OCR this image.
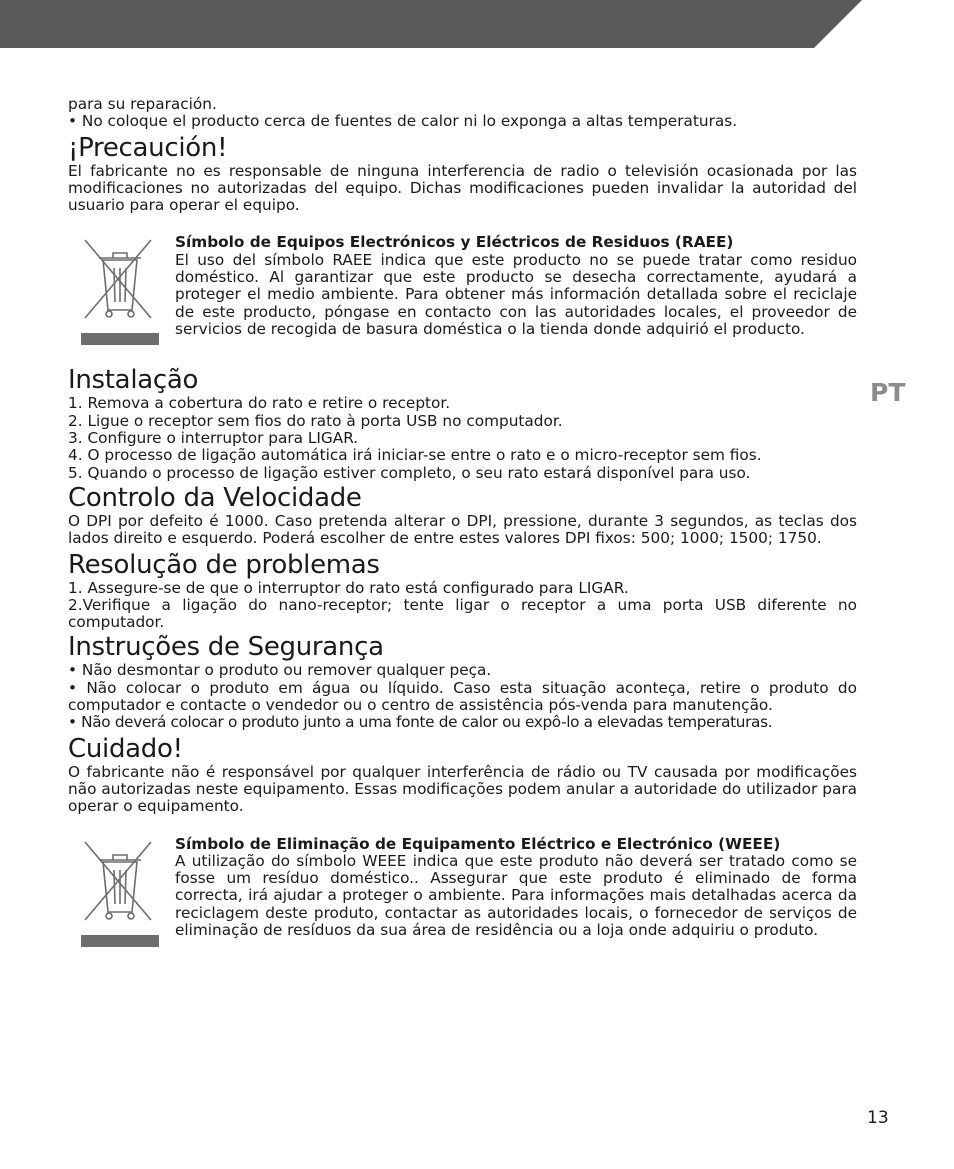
PT

para su reparación.

• No coloque el producto cerca de fuentes de calor ni lo exponga a altas temperaturas.

¡Precaución!

El fabricante no es responsable de ninguna interferencia de radio o televisión ocasionada por las modificaciones no autorizadas del equipo. Dichas modificaciones pueden invalidar la autoridad del usuario para operar el equipo.

Símbolo de Equipos Electrónicos y Eléctricos de Residuos (RAEE)

El uso del símbolo RAEE indica que este producto no se puede tratar como residuo doméstico. Al garantizar que este producto se desecha correctamente, ayudará a proteger el medio ambiente. Para obtener más información detallada sobre el reciclaje de este producto, póngase en contacto con las autoridades locales, el proveedor de servicios de recogida de basura doméstica o la tienda donde adquirió el producto.

Instalação
1. Remova a cobertura do rato e retire o receptor.
2. Ligue o receptor sem fios do rato à porta USB no computador.
3. Configure o interruptor para LIGAR.
4. O processo de ligação automática irá iniciar-se entre o rato e o micro-receptor sem fios.
5. Quando o processo de ligação estiver completo, o seu rato estará disponível para uso.
Controlo da Velocidade

O DPI por defeito é 1000. Caso pretenda alterar o DPI, pressione, durante 3 segundos, as teclas dos lados direito e esquerdo. Poderá escolher de entre estes valores DPI fixos: 500; 1000; 1500; 1750.

Resolução de problemas
1. Assegure-se de que o interruptor do rato está configurado para LIGAR.
2.Verifique a ligação do nano-receptor; tente ligar o receptor a uma porta USB diferente no computador.
Instruções de Segurança
• Não desmontar o produto ou remover qualquer peça.
• Não colocar o produto em água ou líquido. Caso esta situação aconteça, retire o produto do computador e contacte o vendedor ou o centro de assistência pós-venda para manutenção.
• Não deverá colocar o produto junto a uma fonte de calor ou expô-lo a elevadas temperaturas.
Cuidado!

O fabricante não é responsável por qualquer interferência de rádio ou TV causada por modificações não autorizadas neste equipamento. Essas modificações podem anular a autoridade do utilizador para operar o equipamento.

Símbolo de Eliminação de Equipamento Eléctrico e Electrónico (WEEE)

A utilização do símbolo WEEE indica que este produto não deverá ser tratado como se fosse um resíduo doméstico.. Assegurar que este produto é eliminado de forma correcta, irá ajudar a proteger o ambiente. Para informações mais detalhadas acerca da reciclagem deste produto, contactar as autoridades locais, o fornecedor de serviços de eliminação de resíduos da sua área de residência ou a loja onde adquiriu o produto.

13
